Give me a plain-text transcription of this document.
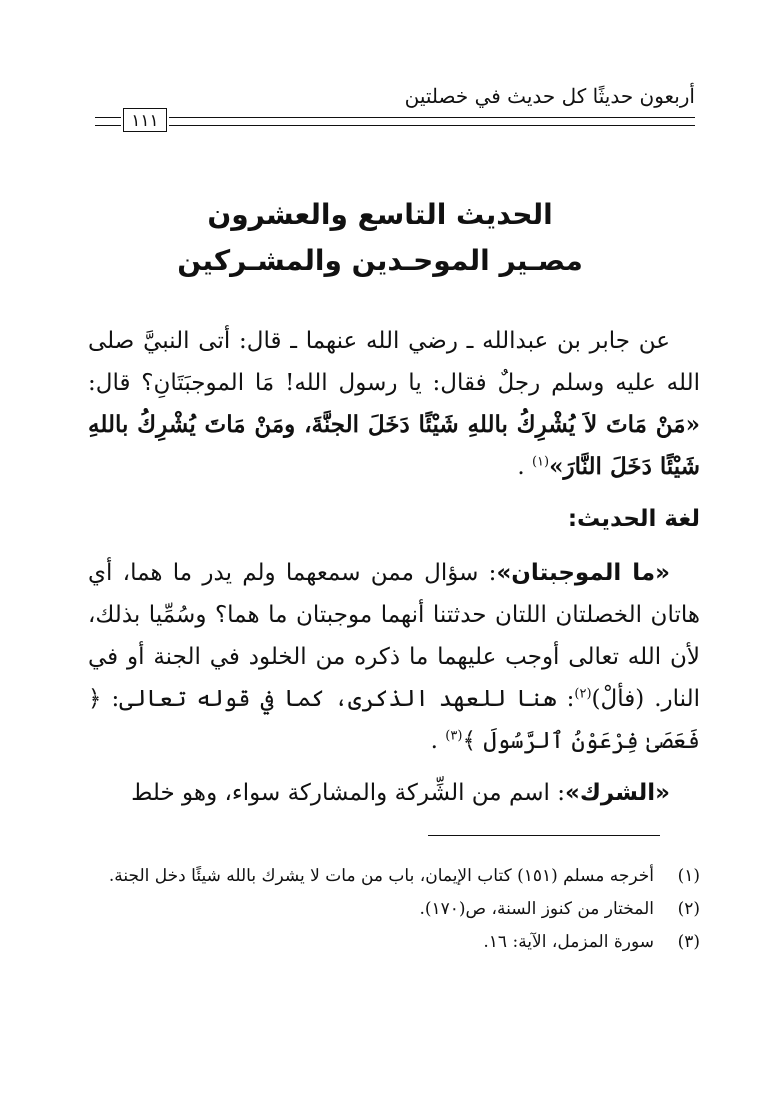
أربعون حديثًا كل حديث في خصلتين
١١١
الحديث التاسع والعشرون
مصـير الموحـدين والمشـركين

عن جابر بن عبدالله ـ رضي الله عنهما ـ قال: أتى النبيَّ صلى الله عليه وسلم رجلٌ فقال: يا رسول الله! مَا الموجبَتَانِ؟ قال: «مَنْ مَاتَ لاَ يُشْرِكُ باللهِ شَيْئًا دَخَلَ الجنَّةَ، ومَنْ مَاتَ يُشْرِكُ باللهِ شَيْئًا دَخَلَ النَّارَ»$^{(١)}$ .

لغة الحديث:

«ما الموجبتان»: سؤال ممن سمعهما ولم يدر ما هما، أي هاتان الخصلتان اللتان حدثتنا أنهما موجبتان ما هما؟ وسُمِّيا بذلك، لأن الله تعالى أوجب عليهما ما ذكره من الخلود في الجنة أو في النار. (فألْ)$^{(٢)}$: هنا للعهد الذكرى، كما في قوله تعالى: ﴿ فَعَصَىٰ فِرْعَوْنُ ٱلرَّسُولَ ﴾$^{(٣)}$ .

«الشرك»: اسم من الشِّركة والمشاركة سواء، وهو خلط

(١)
أخرجه مسلم (١٥١) كتاب الإيمان، باب من مات لا يشرك بالله شيئًا دخل الجنة.
(٢)
المختار من كنوز السنة، ص(١٧٠).
(٣)
سورة المزمل، الآية: ١٦.
